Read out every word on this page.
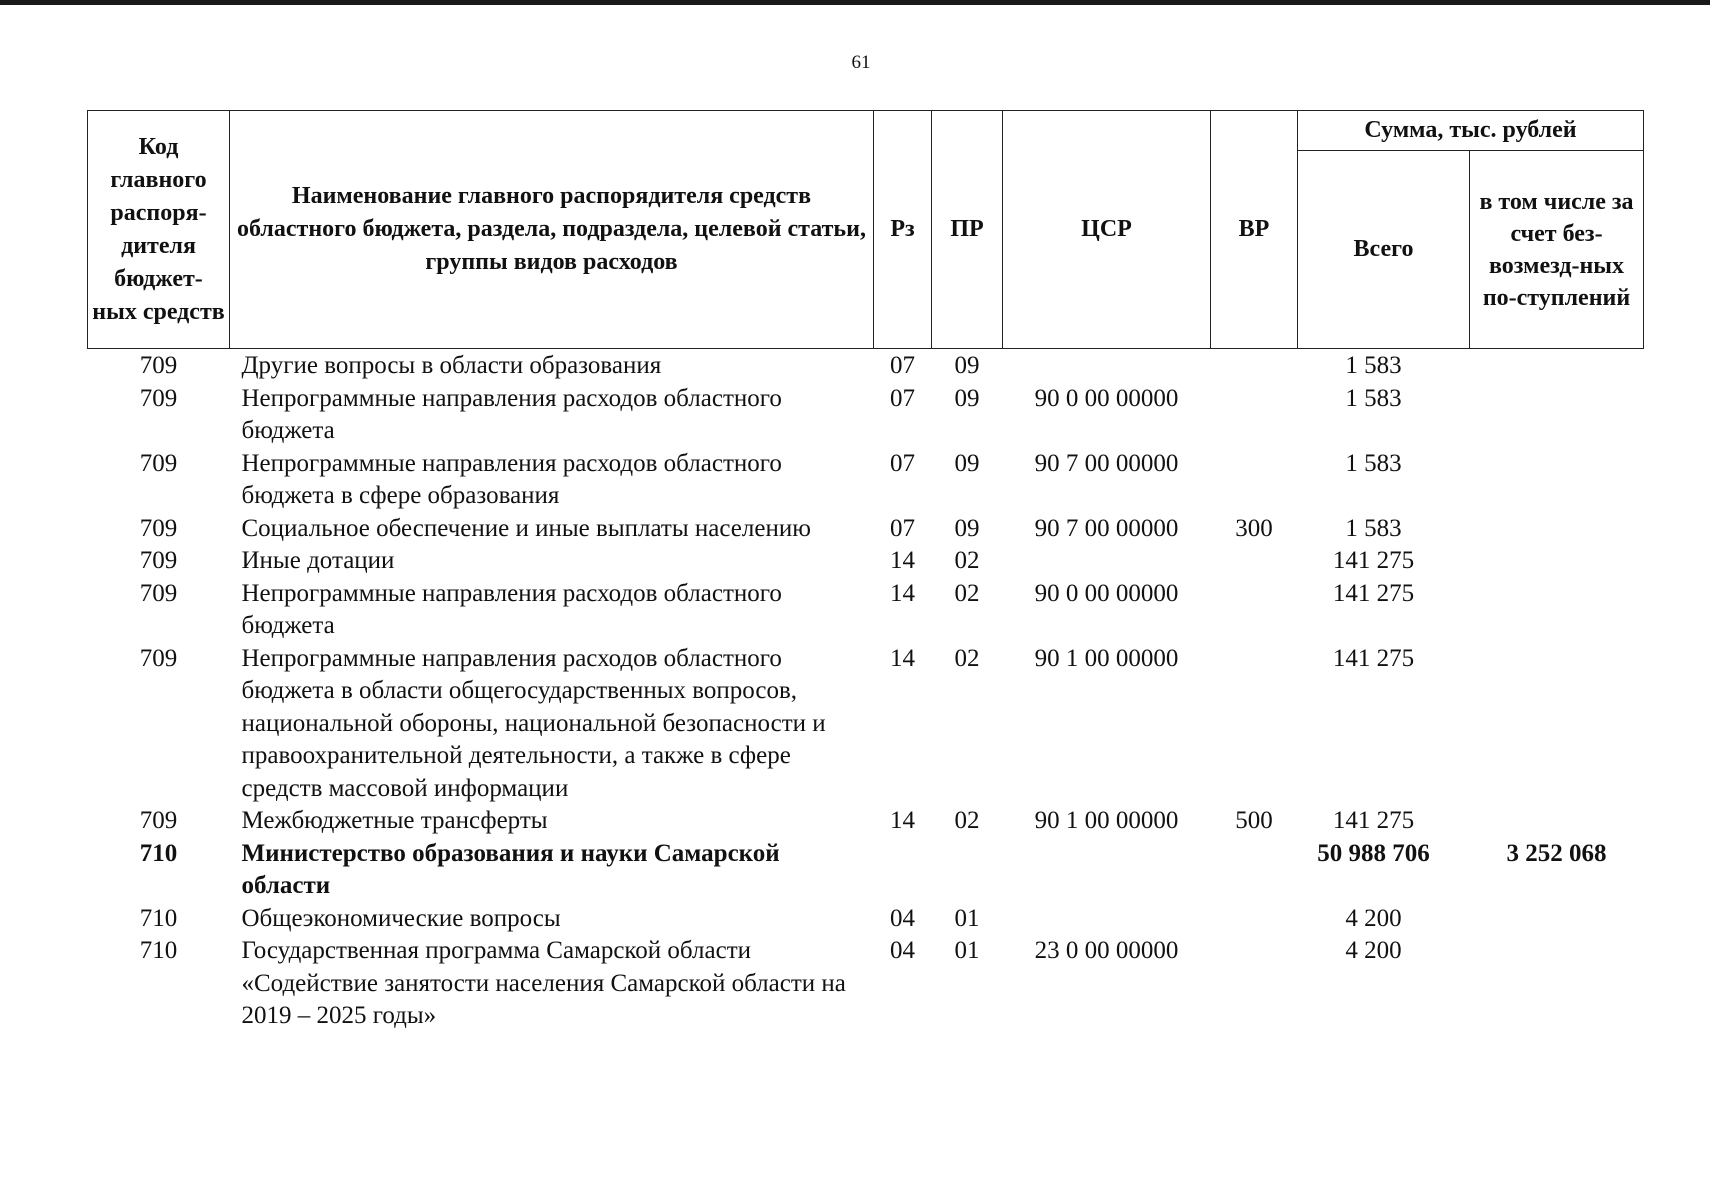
61
Код главного распоря-дителя бюджет-ных средств	Наименование главного распорядителя средств областного бюджета, раздела, подраздела, целевой статьи, группы видов расходов	Рз	ПР	ЦСР	ВР	Сумма, тыс. рублей	
						Всего	в том числе за счет без-возмезд-ных по-ступлений
709	Другие вопросы в области образования	07	09			1 583	
709	Непрограммные направления расходов областного бюджета	07	09	90 0 00 00000		1 583	
709	Непрограммные направления расходов областного бюджета в сфере образования	07	09	90 7 00 00000		1 583	
709	Социальное обеспечение и иные выплаты населению	07	09	90 7 00 00000	300	1 583	
709	Иные дотации	14	02			141 275	
709	Непрограммные направления расходов областного бюджета	14	02	90 0 00 00000		141 275	
709	Непрограммные направления расходов областного бюджета в области общегосударственных вопросов, национальной обороны, национальной безопасности и правоохранительной деятельности, а также в сфере средств массовой информации	14	02	90 1 00 00000		141 275	
709	Межбюджетные трансферты	14	02	90 1 00 00000	500	141 275	
710	Министерство образования и науки Самарской области					50 988 706	3 252 068
710	Общеэкономические вопросы	04	01			4 200	
710	Государственная программа Самарской области «Содействие занятости населения Самарской области на 2019 – 2025 годы»	04	01	23 0 00 00000		4 200	
